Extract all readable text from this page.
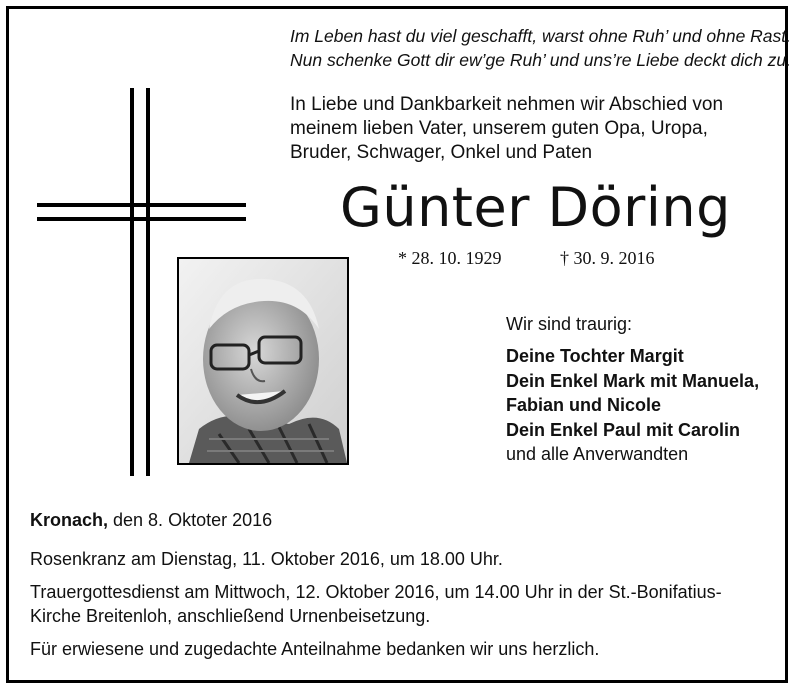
Im Leben hast du viel geschafft, warst ohne Ruh’ und ohne Rast.
Nun schenke Gott dir ew’ge Ruh’ und uns’re Liebe deckt dich zu.
In Liebe und Dankbarkeit nehmen wir Abschied von
meinem lieben Vater, unserem guten Opa, Uropa,
Bruder, Schwager, Onkel und Paten
Günter Döring
* 28. 10. 1929	† 30. 9. 2016
Wir sind traurig:
Deine Tochter Margit
Dein Enkel Mark mit Manuela,
Fabian und Nicole
Dein Enkel Paul mit Carolin
und alle Anverwandten
Kronach, den 8. Oktoter 2016
Rosenkranz am Dienstag, 11. Oktober 2016, um 18.00 Uhr.
Trauergottesdienst am Mittwoch, 12. Oktober 2016, um 14.00 Uhr in der St.-Bonifatius-
Kirche Breitenloh, anschließend Urnenbeisetzung.
Für erwiesene und zugedachte Anteilnahme bedanken wir uns herzlich.
